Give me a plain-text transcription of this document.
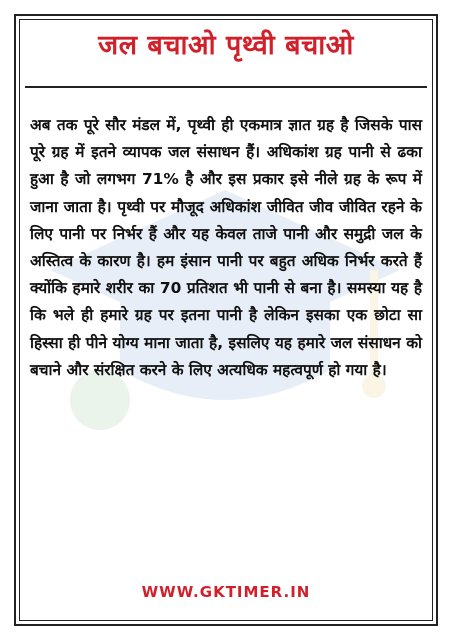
जल बचाओ पृथ्वी बचाओ

अब तक पूरे सौर मंडल में, पृथ्वी ही एकमात्र ज्ञात ग्रह है जिसके पास पूरे ग्रह में इतने व्यापक जल संसाधन हैं। अधिकांश ग्रह पानी से ढका हुआ है जो लगभग 71% है और इस प्रकार इसे नीले ग्रह के रूप में जाना जाता है। पृथ्वी पर मौजूद अधिकांश जीवित जीव जीवित रहने के लिए पानी पर निर्भर हैं और यह केवल ताजे पानी और समुद्री जल के अस्तित्व के कारण है। हम इंसान पानी पर बहुत अधिक निर्भर करते हैं क्योंकि हमारे शरीर का 70 प्रतिशत भी पानी से बना है। समस्या यह है कि भले ही हमारे ग्रह पर इतना पानी है लेकिन इसका एक छोटा सा हिस्सा ही पीने योग्य माना जाता है, इसलिए यह हमारे जल संसाधन को बचाने और संरक्षित करने के लिए अत्यधिक महत्वपूर्ण हो गया है।

WWW.GKTIMER.IN
